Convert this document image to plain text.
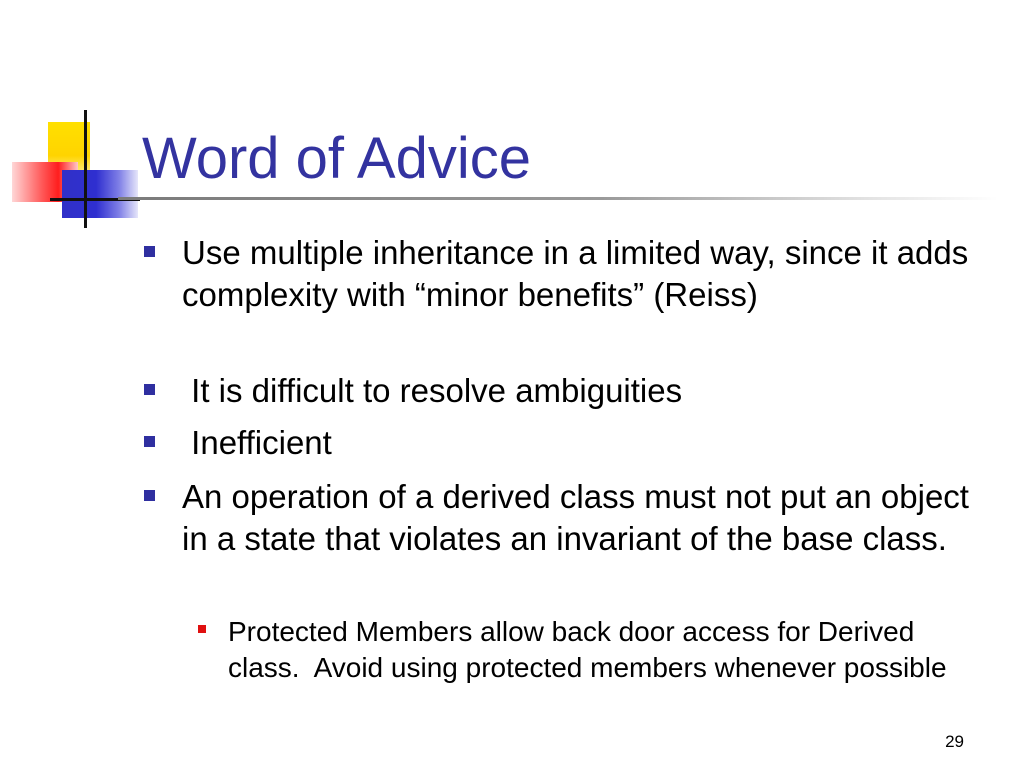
Word of Advice
Use multiple inheritance in a limited way, since it adds complexity with “minor benefits” (Reiss)
It is difficult to resolve ambiguities
Inefficient
An operation of a derived class must not put an object in a state that violates an invariant of the base class.
Protected Members allow back door access for Derived class.  Avoid using protected members whenever possible
29
